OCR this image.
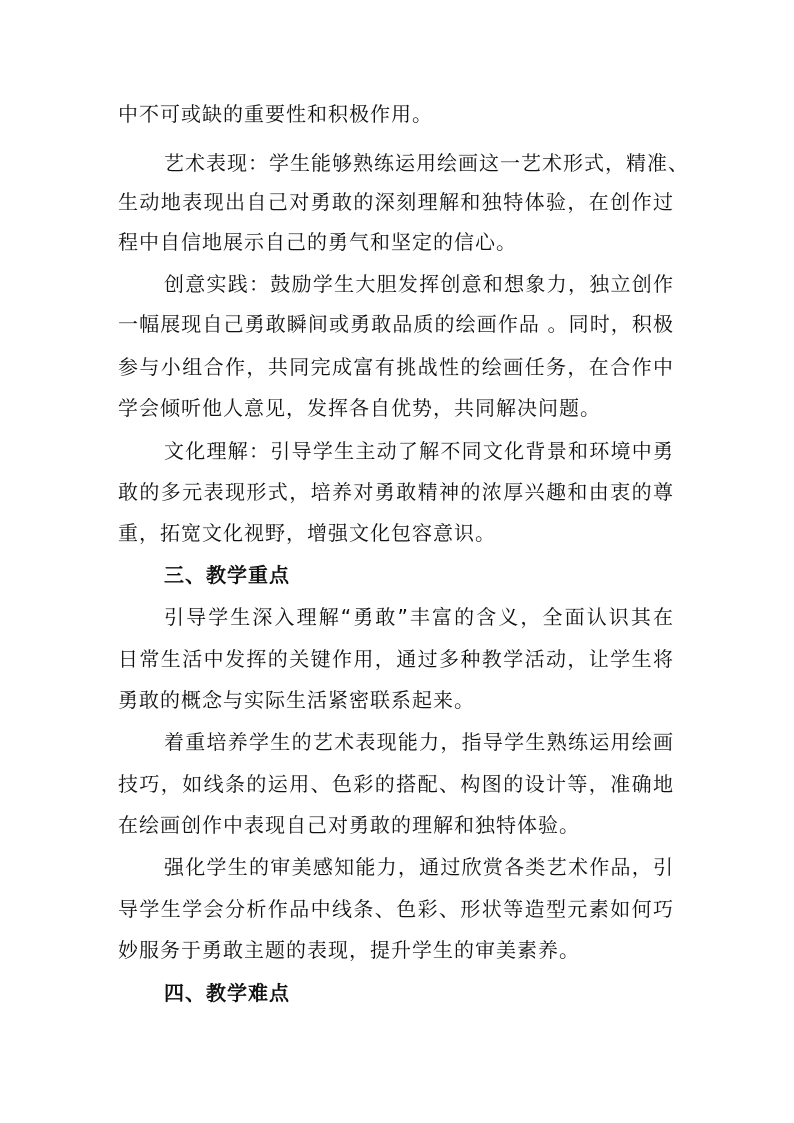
中不可或缺的重要性和积极作用。
艺术表现：学生能够熟练运用绘画这一艺术形式，精准、
生动地表现出自己对勇敢的深刻理解和独特体验，在创作过
程中自信地展示自己的勇气和坚定的信心。
创意实践：鼓励学生大胆发挥创意和想象力，独立创作
一幅展现自己勇敢瞬间或勇敢品质的绘画作品 。同时，积极
参与小组合作，共同完成富有挑战性的绘画任务，在合作中
学会倾听他人意见，发挥各自优势，共同解决问题。
文化理解：引导学生主动了解不同文化背景和环境中勇
敢的多元表现形式，培养对勇敢精神的浓厚兴趣和由衷的尊
重，拓宽文化视野，增强文化包容意识。
三、教学重点
引导学生深入理解“勇敢”丰富的含义，全面认识其在
日常生活中发挥的关键作用，通过多种教学活动，让学生将
勇敢的概念与实际生活紧密联系起来。
着重培养学生的艺术表现能力，指导学生熟练运用绘画
技巧，如线条的运用、色彩的搭配、构图的设计等，准确地
在绘画创作中表现自己对勇敢的理解和独特体验。
强化学生的审美感知能力，通过欣赏各类艺术作品，引
导学生学会分析作品中线条、色彩、形状等造型元素如何巧
妙服务于勇敢主题的表现，提升学生的审美素养。
四、教学难点
